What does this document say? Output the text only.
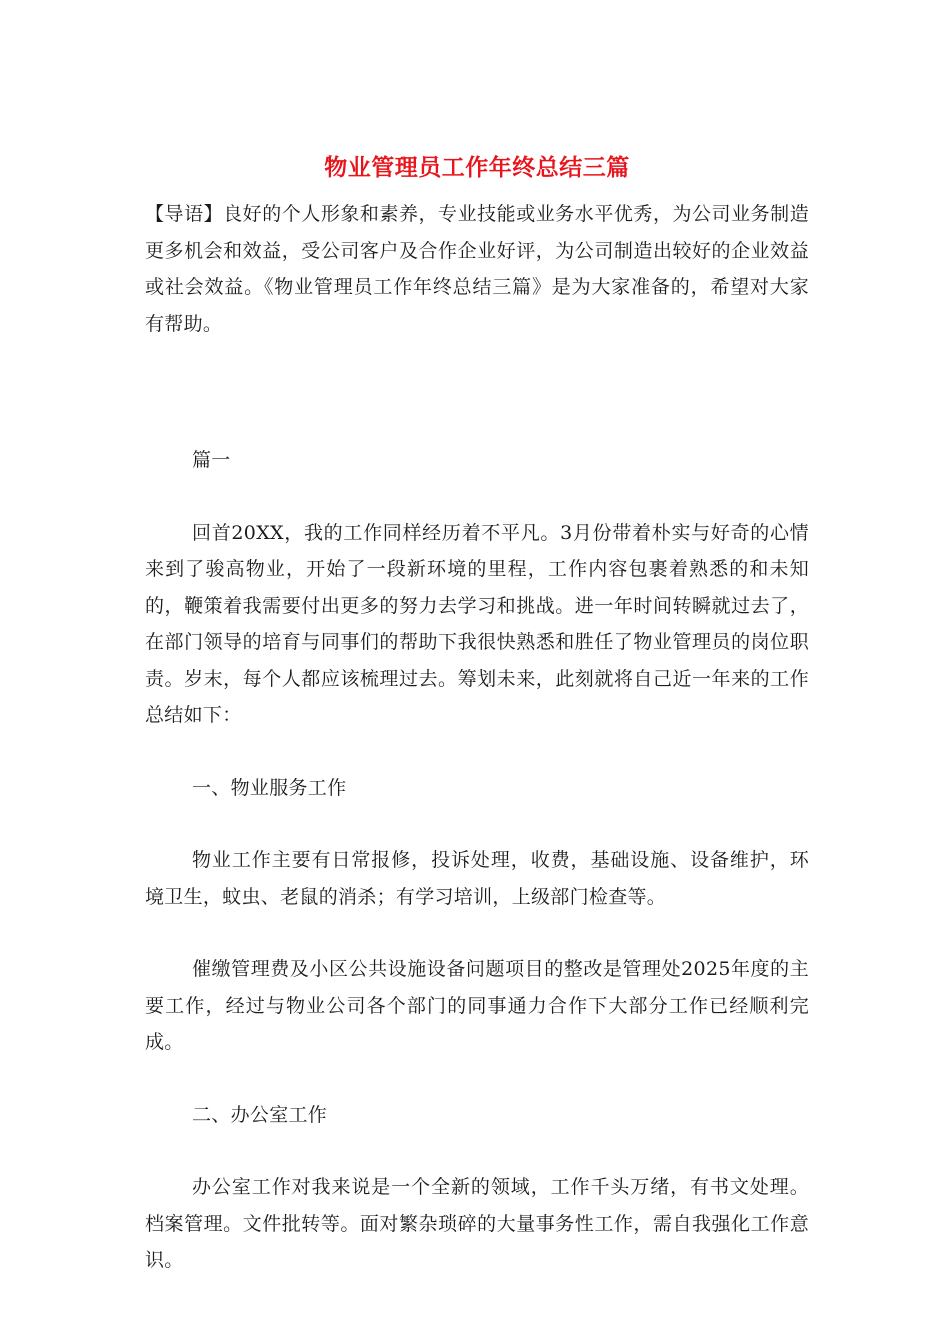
物业管理员工作年终总结三篇

【导语】良好的个人形象和素养，专业技能或业务水平优秀，为公司业务制造更多机会和效益，受公司客户及合作企业好评，为公司制造出较好的企业效益或社会效益。《物业管理员工作年终总结三篇》是为大家准备的，希望对大家有帮助。

篇一

回首20XX，我的工作同样经历着不平凡。3月份带着朴实与好奇的心情来到了骏高物业，开始了一段新环境的里程，工作内容包裹着熟悉的和未知的，鞭策着我需要付出更多的努力去学习和挑战。进一年时间转瞬就过去了，在部门领导的培育与同事们的帮助下我很快熟悉和胜任了物业管理员的岗位职责。岁末，每个人都应该梳理过去。筹划未来，此刻就将自己近一年来的工作总结如下：

一、物业服务工作

物业工作主要有日常报修，投诉处理，收费，基础设施、设备维护，环境卫生，蚊虫、老鼠的消杀；有学习培训，上级部门检查等。

催缴管理费及小区公共设施设备问题项目的整改是管理处2025年度的主要工作，经过与物业公司各个部门的同事通力合作下大部分工作已经顺利完成。

二、办公室工作

办公室工作对我来说是一个全新的领域，工作千头万绪，有书文处理。档案管理。文件批转等。面对繁杂琐碎的大量事务性工作，需自我强化工作意识。
